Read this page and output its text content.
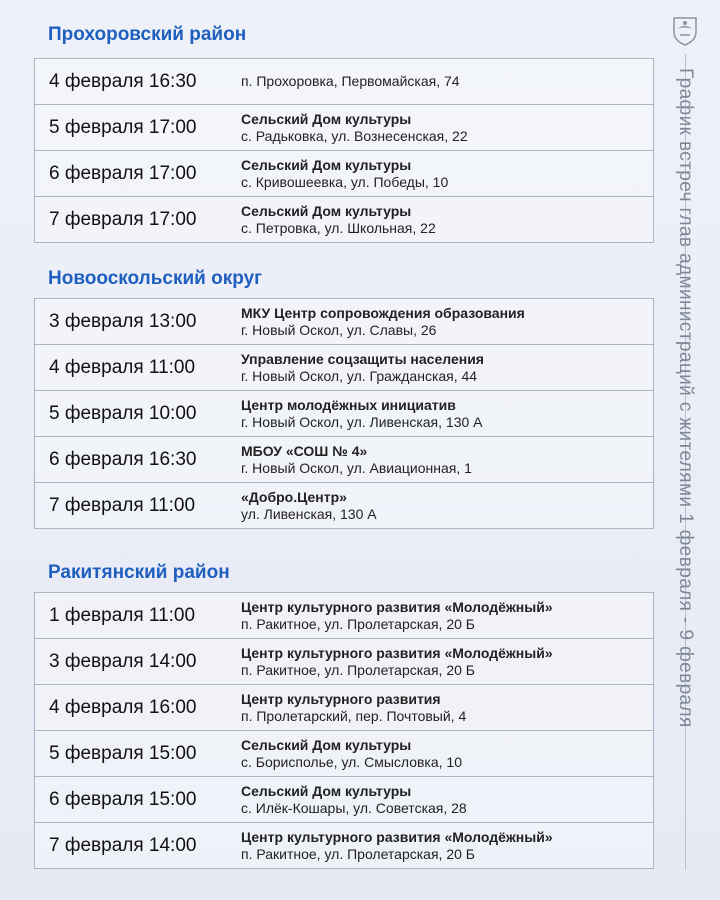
График встреч глав администраций с жителями 1 февраля - 9 февраля
Прохоровский район
4 февраля 16:30	п. Прохоровка, Первомайская, 74
5 февраля 17:00	Сельский Дом культуры
с. Радьковка, ул. Вознесенская, 22
6 февраля 17:00	Сельский Дом культуры
с. Кривошеевка, ул. Победы, 10
7 февраля 17:00	Сельский Дом культуры
с. Петровка, ул. Школьная, 22
Новооскольский округ
3 февраля 13:00	МКУ Центр сопровождения образования
г. Новый Оскол, ул. Славы, 26
4 февраля 11:00	Управление соцзащиты населения
г. Новый Оскол, ул. Гражданская, 44
5 февраля 10:00	Центр молодёжных инициатив
г. Новый Оскол, ул. Ливенская, 130 А
6 февраля 16:30	МБОУ «СОШ № 4»
г. Новый Оскол, ул. Авиационная, 1
7 февраля 11:00	«Добро.Центр»
ул. Ливенская, 130 А
Ракитянский район
1 февраля 11:00	Центр культурного развития «Молодёжный»
п. Ракитное, ул. Пролетарская, 20 Б
3 февраля 14:00	Центр культурного развития «Молодёжный»
п. Ракитное, ул. Пролетарская, 20 Б
4 февраля 16:00	Центр культурного развития
п. Пролетарский, пер. Почтовый, 4
5 февраля 15:00	Сельский Дом культуры
с. Борисполье, ул. Смысловка, 10
6 февраля 15:00	Сельский Дом культуры
с. Илёк-Кошары, ул. Советская, 28
7 февраля 14:00	Центр культурного развития «Молодёжный»
п. Ракитное, ул. Пролетарская, 20 Б
